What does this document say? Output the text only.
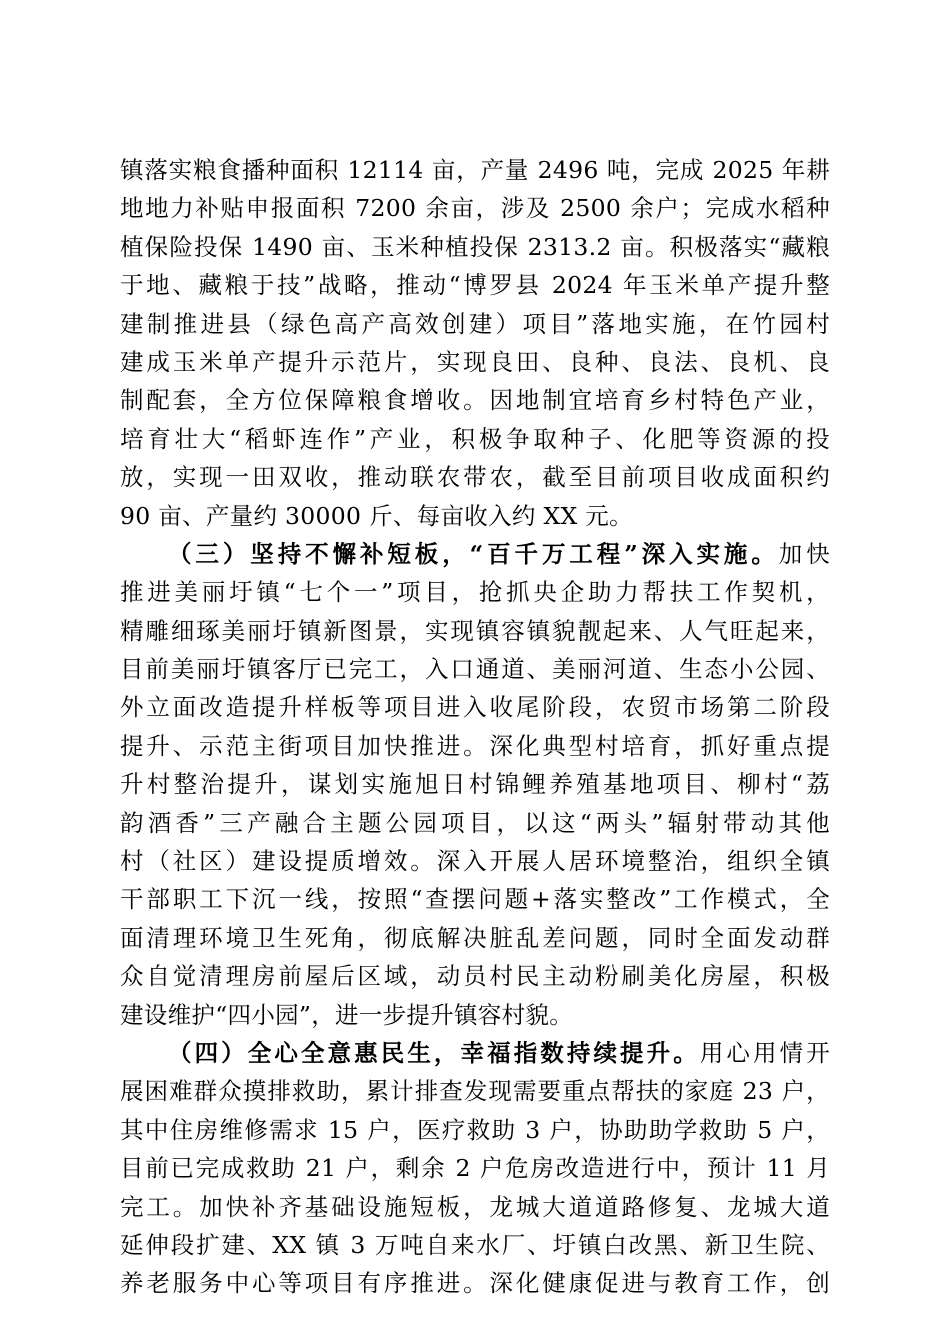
镇落实粮食播种面积 12114 亩，产量 2496 吨，完成 2025 年耕
地地力补贴申报面积 7200 余亩，涉及 2500 余户；完成水稻种
植保险投保 1490 亩、玉米种植投保 2313.2 亩。积极落实“藏粮
于地、藏粮于技”战略，推动“博罗县 2024 年玉米单产提升整
建制推进县（绿色高产高效创建）项目”落地实施，在竹园村
建成玉米单产提升示范片，实现良田、良种、良法、良机、良
制配套，全方位保障粮食增收。因地制宜培育乡村特色产业，
培育壮大“稻虾连作”产业，积极争取种子、化肥等资源的投
放，实现一田双收，推动联农带农，截至目前项目收成面积约
90 亩、产量约 30000 斤、每亩收入约 XX 元。
（三）坚持不懈补短板，“百千万工程”深入实施。加快
推进美丽圩镇“七个一”项目，抢抓央企助力帮扶工作契机，
精雕细琢美丽圩镇新图景，实现镇容镇貌靓起来、人气旺起来，
目前美丽圩镇客厅已完工，入口通道、美丽河道、生态小公园、
外立面改造提升样板等项目进入收尾阶段，农贸市场第二阶段
提升、示范主街项目加快推进。深化典型村培育，抓好重点提
升村整治提升，谋划实施旭日村锦鲤养殖基地项目、柳村“荔
韵酒香”三产融合主题公园项目，以这“两头”辐射带动其他
村（社区）建设提质增效。深入开展人居环境整治，组织全镇
干部职工下沉一线，按照“查摆问题+落实整改”工作模式，全
面清理环境卫生死角，彻底解决脏乱差问题，同时全面发动群
众自觉清理房前屋后区域，动员村民主动粉刷美化房屋，积极
建设维护“四小园”，进一步提升镇容村貌。
（四）全心全意惠民生，幸福指数持续提升。用心用情开
展困难群众摸排救助，累计排查发现需要重点帮扶的家庭 23 户，
其中住房维修需求 15 户，医疗救助 3 户，协助助学救助 5 户，
目前已完成救助 21 户，剩余 2 户危房改造进行中，预计 11 月
完工。加快补齐基础设施短板，龙城大道道路修复、龙城大道
延伸段扩建、XX 镇 3 万吨自来水厂、圩镇白改黑、新卫生院、
养老服务中心等项目有序推进。深化健康促进与教育工作，创
